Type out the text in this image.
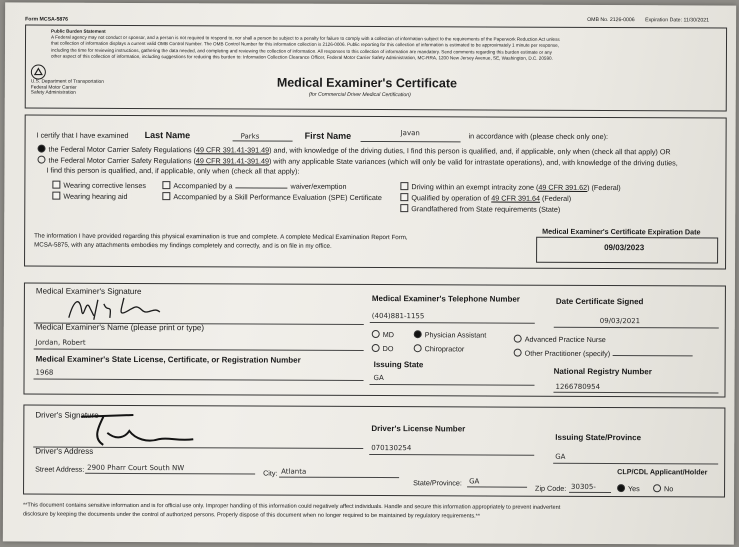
Form MCSA-5876	OMB No. 2126-0006 Expiration Date: 11/30/2021
Public Burden Statement
A Federal agency may not conduct or sponsor, and a person is not required to respond to, nor shall a person be subject to a penalty for failure to comply with a collection of information subject to the requirements of the Paperwork Reduction Act unless
that collection of information displays a current valid OMB Control Number. The OMB Control Number for this information collection is 2126-0006. Public reporting for this collection of information is estimated to be approximately 1 minute per response,
including the time for reviewing instructions, gathering the data needed, and completing and reviewing the collection of information. All responses to this collection of information are mandatory. Send comments regarding this burden estimate or any
other aspect of this collection of information, including suggestions for reducing this burden to: Information Collection Clearance Officer, Federal Motor Carrier Safety Administration, MC-RRA, 1200 New Jersey Avenue, SE, Washington, D.C. 20590.
U.S. Department of Transportation
Federal Motor Carrier
Safety Administration
Medical Examiner's Certificate
(for Commercial Driver Medical Certification)
I certify that I have examined Last Name	Parks	First Name	Javan	in accordance with (please check only one):
the Federal Motor Carrier Safety Regulations (49 CFR 391.41-391.49) and, with knowledge of the driving duties, I find this person is qualified, and, if applicable, only when (check all that apply) OR
the Federal Motor Carrier Safety Regulations (49 CFR 391.41-391.49) with any applicable State variances (which will only be valid for intrastate operations), and, with knowledge of the driving duties,
I find this person is qualified, and, if applicable, only when (check all that apply):
Wearing corrective lenses
Wearing hearing aid
Accompanied by a	waiver/exemption
Accompanied by a Skill Performance Evaluation (SPE) Certificate
Driving within an exempt intracity zone (49 CFR 391.62) (Federal)
Qualified by operation of 49 CFR 391.64 (Federal)
Grandfathered from State requirements (State)
The information I have provided regarding this physical examination is true and complete. A complete Medical Examination Report Form,
MCSA-5875, with any attachments embodies my findings completely and correctly, and is on file in my office.
Medical Examiner's Certificate Expiration Date
09/03/2023
Medical Examiner's Signature
Medical Examiner's Telephone Number
(404)881-1155
Date Certificate Signed
09/03/2021
Medical Examiner's Name (please print or type)
Jordan, Robert
MD	Physician Assistant	Advanced Practice Nurse
DO	Chiropractor	Other Practitioner (specify)
Medical Examiner's State License, Certificate, or Registration Number
1968
Issuing State
GA
National Registry Number
1266780954
Driver's Signature
Driver's License Number
070130254
Issuing State/Province
GA
Driver's Address
Street Address: 2900 Pharr Court South NW
City: Atlanta
State/Province: GA
Zip Code: 30305-
CLP/CDL Applicant/Holder
Yes	No
**This document contains sensitive information and is for official use only. Improper handling of this information could negatively affect individuals. Handle and secure this information appropriately to prevent inadvertent
disclosure by keeping the documents under the control of authorized persons. Properly dispose of this document when no longer required to be maintained by regulatory requirements.**
